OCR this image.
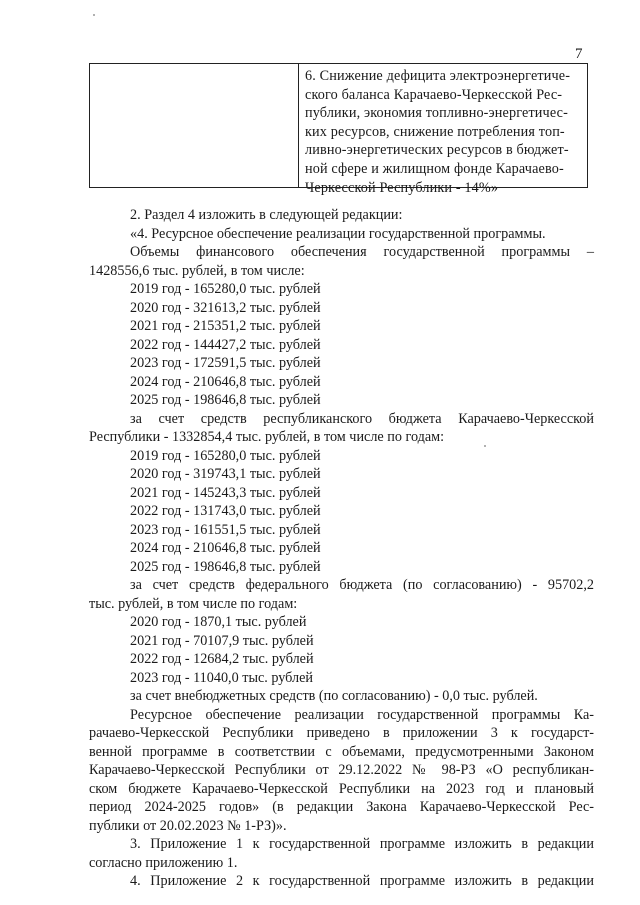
7
6. Снижение дефицита электроэнергетиче-
ского баланса Карачаево-Черкесской Рес-
публики, экономия топливно-энергетичес-
ких ресурсов, снижение потребления топ-
ливно-энергетических ресурсов в бюджет-
ной сфере и жилищном фонде Карачаево-
Черкесской Республики - 14%»
2. Раздел 4 изложить в следующей редакции:
«4. Ресурсное обеспечение реализации государственной программы.
Объемы финансового обеспечения государственной программы –
1428556,6 тыс. рублей, в том числе:
2019 год - 165280,0 тыс. рублей
2020 год - 321613,2 тыс. рублей
2021 год - 215351,2 тыс. рублей
2022 год - 144427,2 тыс. рублей
2023 год - 172591,5 тыс. рублей
2024 год - 210646,8 тыс. рублей
2025 год - 198646,8 тыс. рублей
за счет средств республиканского бюджета Карачаево-Черкесской
Республики - 1332854,4 тыс. рублей, в том числе по годам:
2019 год - 165280,0 тыс. рублей
2020 год - 319743,1 тыс. рублей
2021 год - 145243,3 тыс. рублей
2022 год - 131743,0 тыс. рублей
2023 год - 161551,5 тыс. рублей
2024 год - 210646,8 тыс. рублей
2025 год - 198646,8 тыс. рублей
за счет средств федерального бюджета (по согласованию) - 95702,2
тыс. рублей, в том числе по годам:
2020 год - 1870,1 тыс. рублей
2021 год - 70107,9 тыс. рублей
2022 год - 12684,2 тыс. рублей
2023 год - 11040,0 тыс. рублей
за счет внебюджетных средств (по согласованию) - 0,0 тыс. рублей.
Ресурсное обеспечение реализации государственной программы Ка-
рачаево-Черкесской Республики приведено в приложении 3 к государст-
венной программе в соответствии с объемами, предусмотренными Законом
Карачаево-Черкесской Республики от 29.12.2022 № 98-РЗ «О республикан-
ском бюджете Карачаево-Черкесской Республики на 2023 год и плановый
период 2024-2025 годов» (в редакции Закона Карачаево-Черкесской Рес-
публики от 20.02.2023 № 1-РЗ)».
3. Приложение 1 к государственной программе изложить в редакции
согласно приложению 1.
4. Приложение 2 к государственной программе изложить в редакции
